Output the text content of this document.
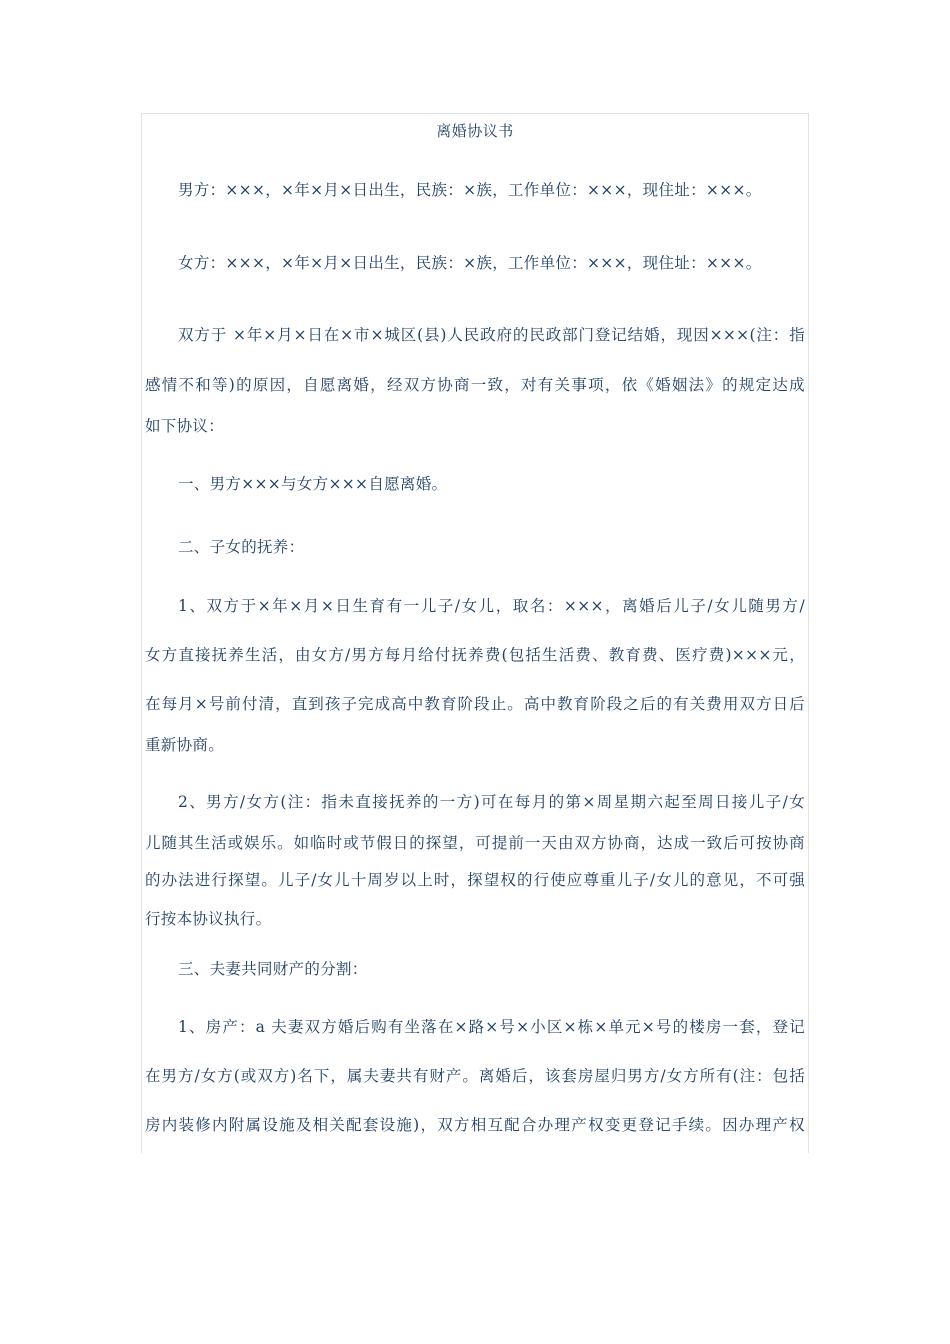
离婚协议书
男方：×××，×年×月×日出生，民族：×族，工作单位：×××，现住址：×××。
女方：×××，×年×月×日出生，民族：×族，工作单位：×××，现住址：×××。
双方于 ×年×月×日在×市×城区(县)人民政府的民政部门登记结婚，现因×××(注：指
感情不和等)的原因，自愿离婚，经双方协商一致，对有关事项，依《婚姻法》的规定达成
如下协议：
一、男方×××与女方×××自愿离婚。
二、子女的抚养：
1、双方于×年×月×日生育有一儿子/女儿，取名：×××，离婚后儿子/女儿随男方/
女方直接抚养生活，由女方/男方每月给付抚养费(包括生活费、教育费、医疗费)×××元，
在每月×号前付清，直到孩子完成高中教育阶段止。高中教育阶段之后的有关费用双方日后
重新协商。
2、男方/女方(注：指未直接抚养的一方)可在每月的第×周星期六起至周日接儿子/女
儿随其生活或娱乐。如临时或节假日的探望，可提前一天由双方协商，达成一致后可按协商
的办法进行探望。儿子/女儿十周岁以上时，探望权的行使应尊重儿子/女儿的意见，不可强
行按本协议执行。
三、夫妻共同财产的分割：
1、房产：a 夫妻双方婚后购有坐落在×路×号×小区×栋×单元×号的楼房一套，登记
在男方/女方(或双方)名下，属夫妻共有财产。离婚后，该套房屋归男方/女方所有(注：包括
房内装修内附属设施及相关配套设施)，双方相互配合办理产权变更登记手续。因办理产权
